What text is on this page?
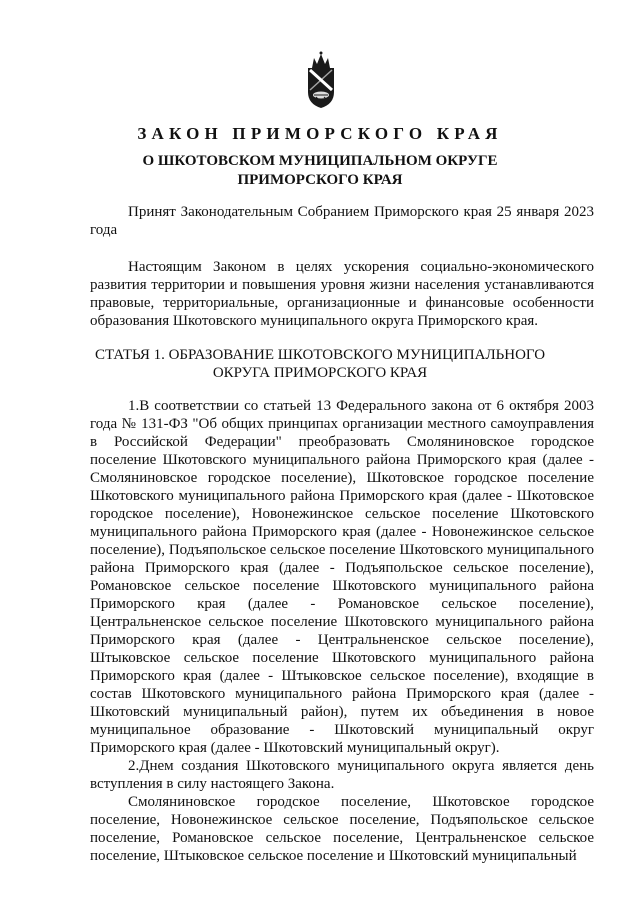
ЗАКОН ПРИМОРСКОГО КРАЯ
О ШКОТОВСКОМ МУНИЦИПАЛЬНОМ ОКРУГЕ
ПРИМОРСКОГО КРАЯ
Принят Законодательным Собранием Приморского края 25 января 2023 года
Настоящим Законом в целях ускорения социально-экономического развития территории и повышения уровня жизни населения устанавливаются правовые, территориальные, организационные и финансовые особенности образования Шкотовского муниципального округа Приморского края.
СТАТЬЯ 1. ОБРАЗОВАНИЕ ШКОТОВСКОГО МУНИЦИПАЛЬНОГО
ОКРУГА ПРИМОРСКОГО КРАЯ

1.В соответствии со статьей 13 Федерального закона от 6 октября 2003 года № 131-ФЗ "Об общих принципах организации местного самоуправления в Российской Федерации" преобразовать Смоляниновское городское поселение Шкотовского муниципального района Приморского края (далее - Смоляниновское городское поселение), Шкотовское городское поселение Шкотовского муниципального района Приморского края (далее - Шкотовское городское поселение), Новонежинское сельское поселение Шкотовского муниципального района Приморского края (далее - Новонежинское сельское поселение), Подъяпольское сельское поселение Шкотовского муниципального района Приморского края (далее - Подъяпольское сельское поселение), Романовское сельское поселение Шкотовского муниципального района Приморского края (далее - Романовское сельское поселение), Центральненское сельское поселение Шкотовского муниципального района Приморского края (далее - Центральненское сельское поселение), Штыковское сельское поселение Шкотовского муниципального района Приморского края (далее - Штыковское сельское поселение), входящие в состав Шкотовского муниципального района Приморского края (далее - Шкотовский муниципальный район), путем их объединения в новое муниципальное образование - Шкотовский муниципальный округ Приморского края (далее - Шкотовский муниципальный округ).

2.Днем создания Шкотовского муниципального округа является день вступления в силу настоящего Закона.

Смоляниновское городское поселение, Шкотовское городское поселение, Новонежинское сельское поселение, Подъяпольское сельское поселение, Романовское сельское поселение, Центральненское сельское поселение, Штыковское сельское поселение и Шкотовский муниципальный
